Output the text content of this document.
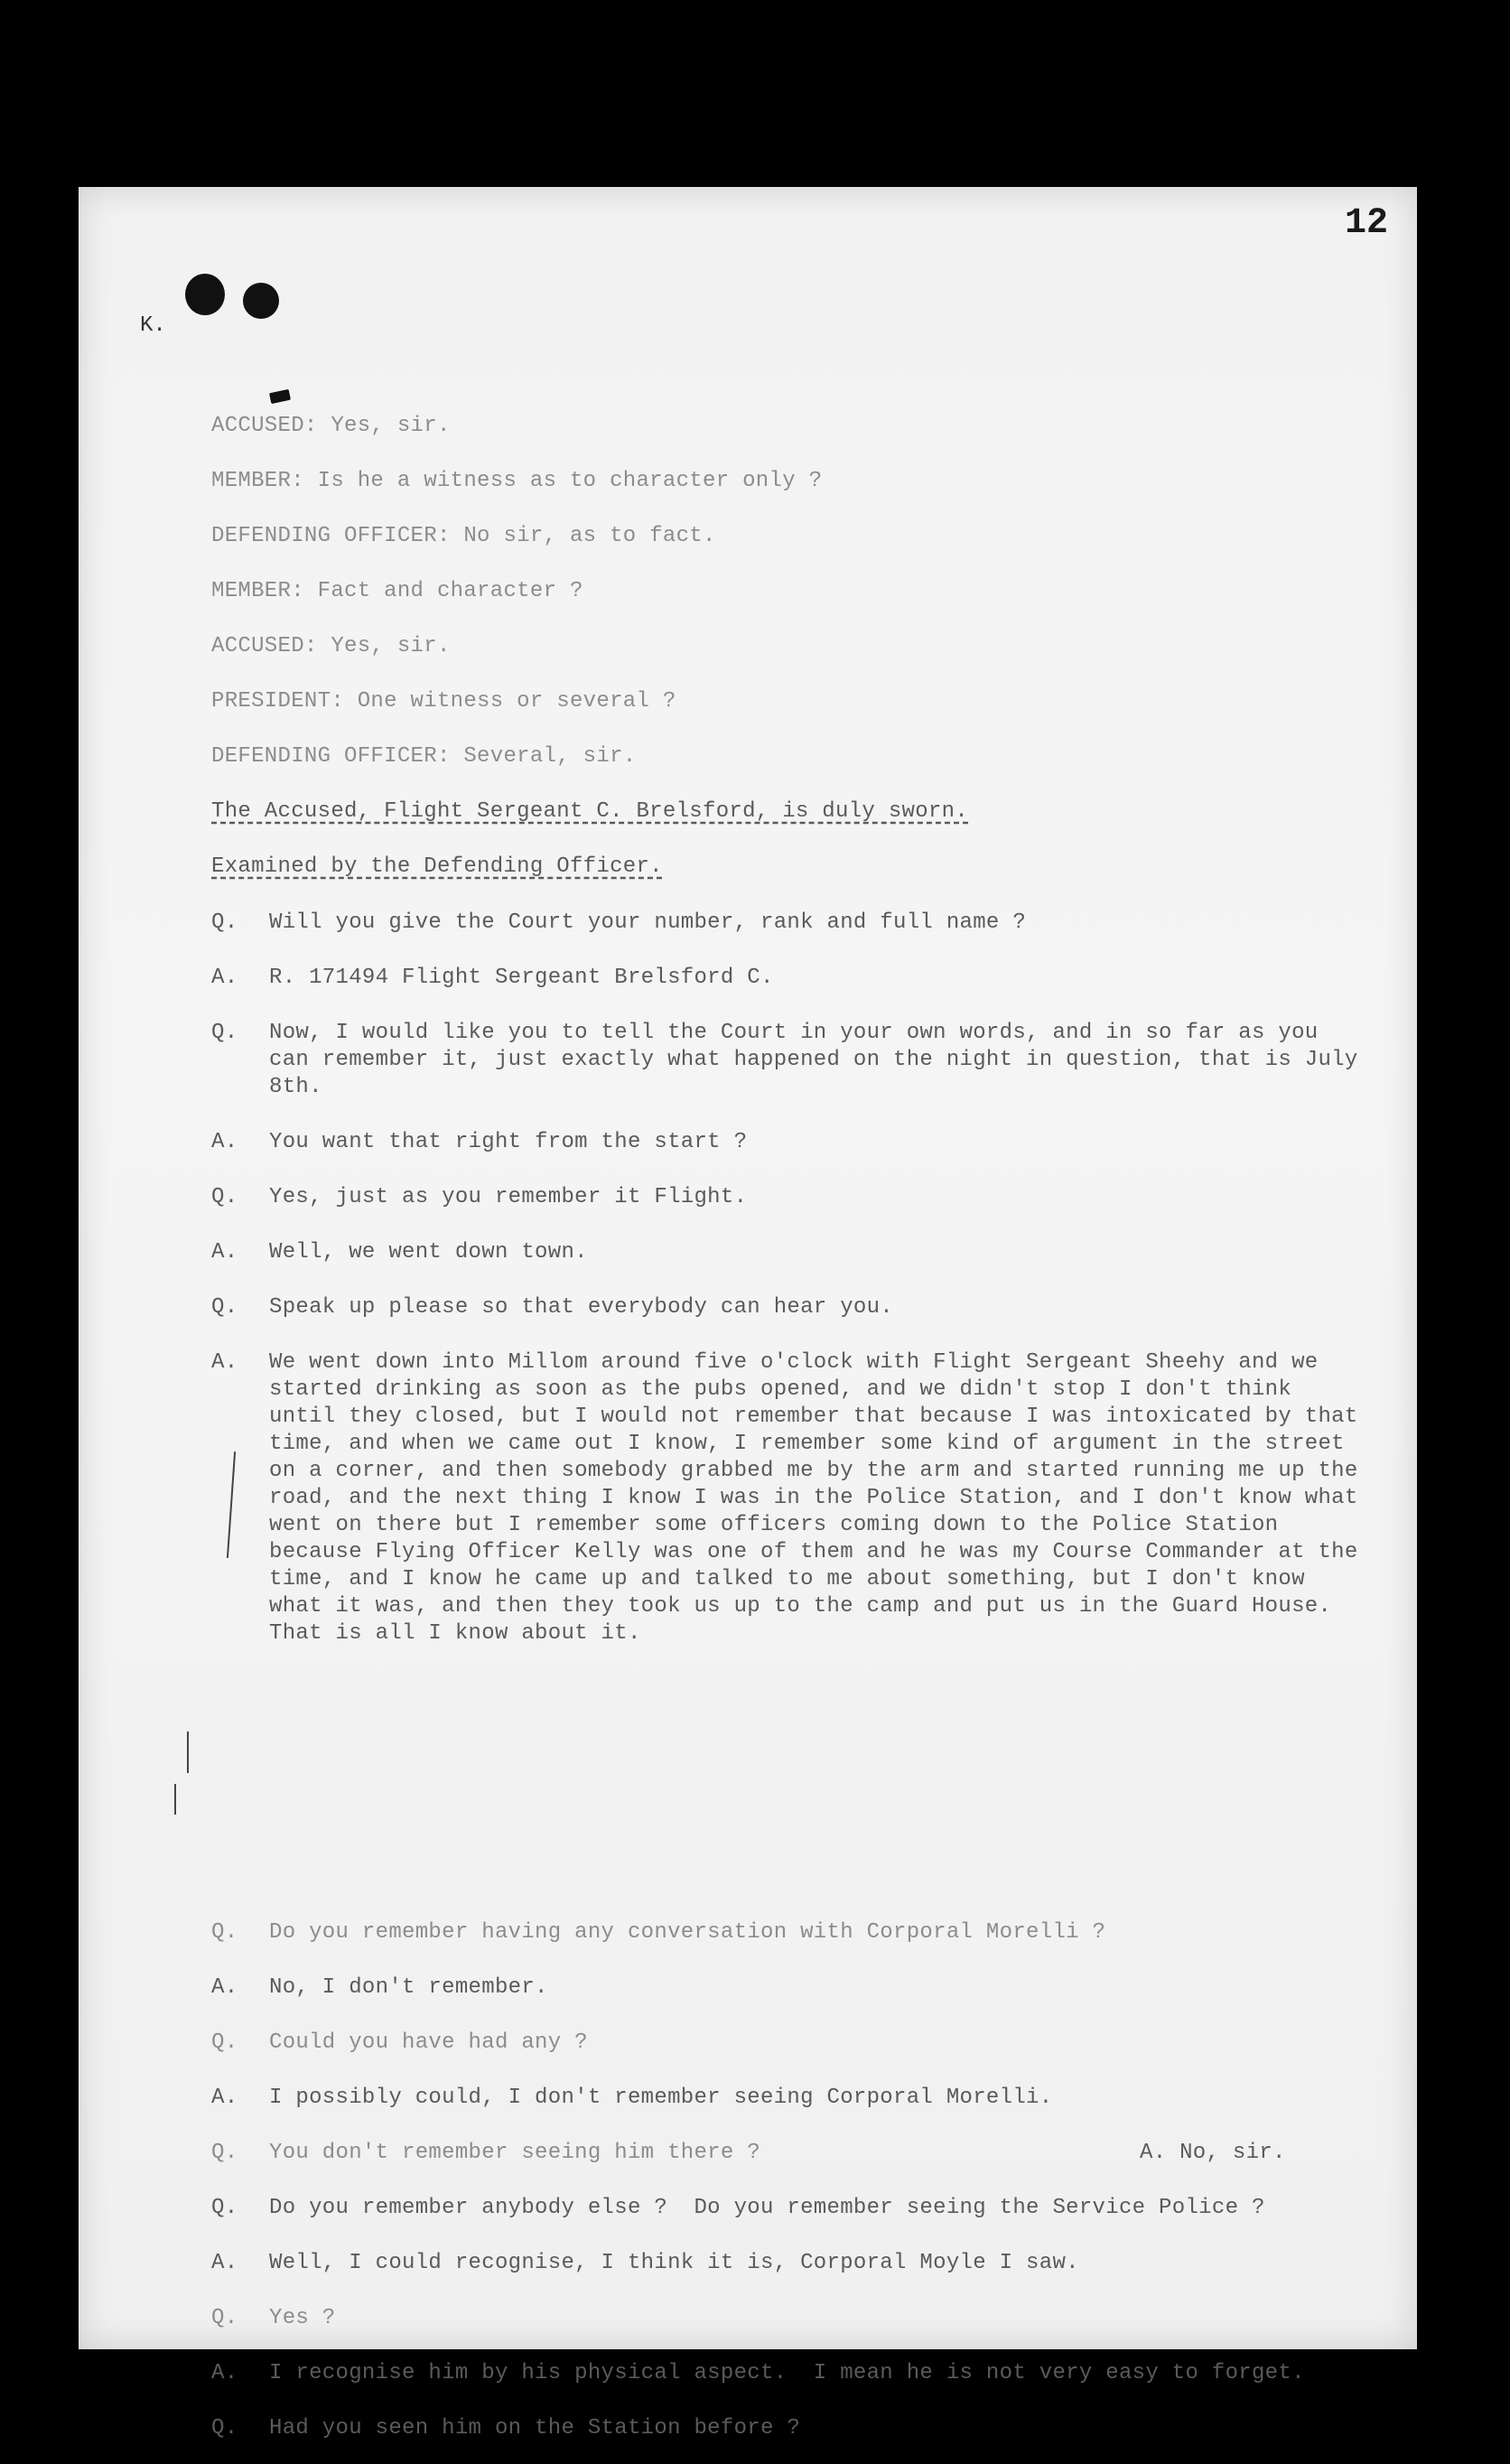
12
K.
ACCUSED: Yes, sir.
MEMBER: Is he a witness as to character only ?
DEFENDING OFFICER: No sir, as to fact.
MEMBER: Fact and character ?
ACCUSED: Yes, sir.
PRESIDENT: One witness or several ?
DEFENDING OFFICER: Several, sir.
The Accused, Flight Sergeant C. Brelsford, is duly sworn.
Examined by the Defending Officer.
Q.	Will you give the Court your number, rank and full name ?
A.	R. 171494 Flight Sergeant Brelsford C.
Q.	Now, I would like you to tell the Court in your own words, and in so far as you can remember it, just exactly what happened on the night in question, that is July 8th.
A.	You want that right from the start ?
Q.	Yes, just as you remember it Flight.
A.	Well, we went down town.
Q.	Speak up please so that everybody can hear you.
A.	We went down into Millom around five o'clock with Flight Sergeant Sheehy and we started drinking as soon as the pubs opened, and we didn't stop I don't think until they closed, but I would not remember that because I was intoxicated by that time, and when we came out I know, I remember some kind of argument in the street on a corner, and then somebody grabbed me by the arm and started running me up the road, and the next thing I know I was in the Police Station, and I don't know what went on there but I remember some officers coming down to the Police Station because Flying Officer Kelly was one of them and he was my Course Commander at the time, and I know he came up and talked to me about something, but I don't know what it was, and then they took us up to the camp and put us in the Guard House.  That is all I know about it.
Q.	Do you remember having any conversation with Corporal Morelli ?
A.	No, I don't remember.
Q.	Could you have had any ?
A.	I possibly could, I don't remember seeing Corporal Morelli.
Q.	You don't remember seeing him there ?	A. No, sir.
Q.	Do you remember anybody else ?  Do you remember seeing the Service Police ?
A.	Well, I could recognise, I think it is, Corporal Moyle I saw.
Q.	Yes ?
A.	I recognise him by his physical aspect.  I mean he is not very easy to forget.
Q.	Had you seen him on the Station before ?
